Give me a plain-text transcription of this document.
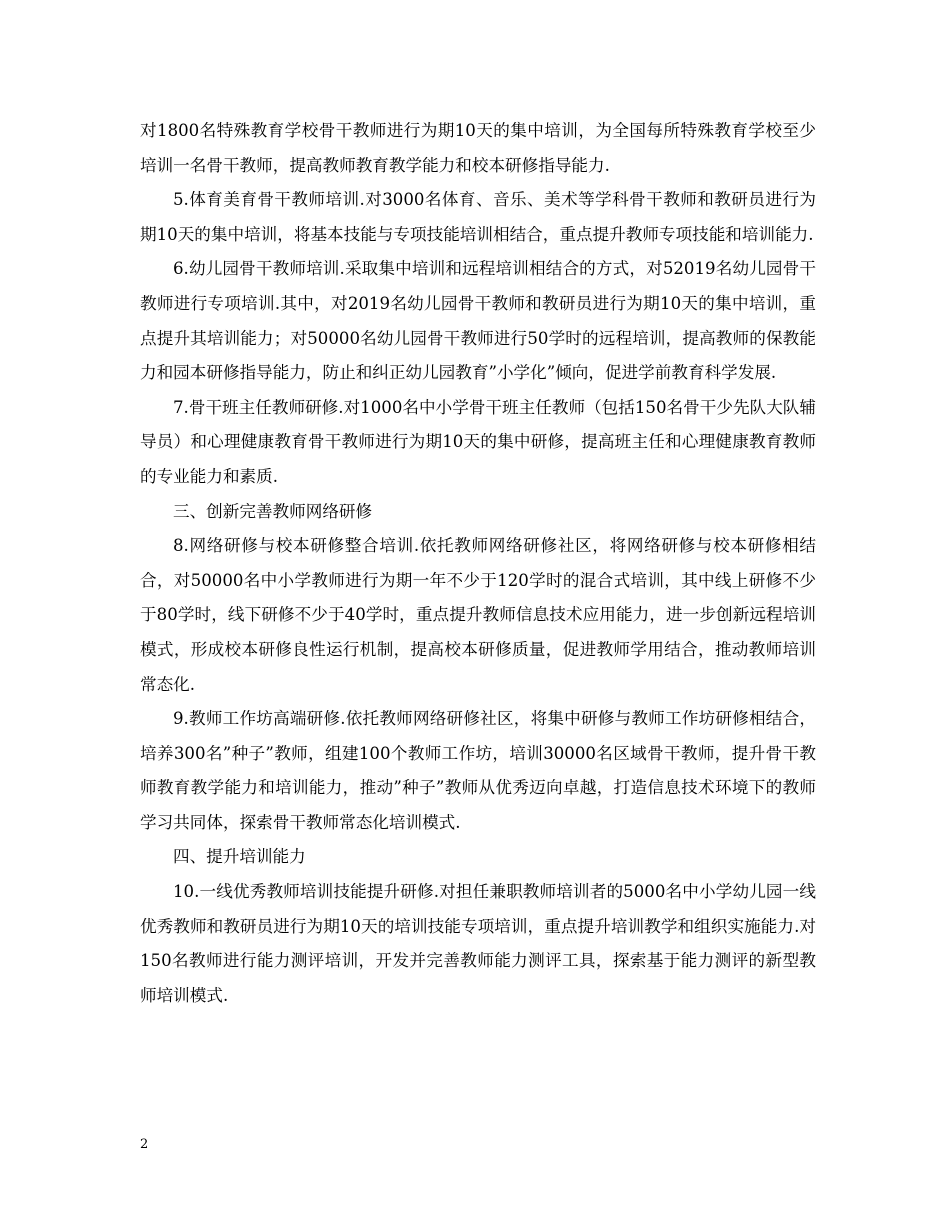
对1800名特殊教育学校骨干教师进行为期10天的集中培训，为全国每所特殊教育学校至少培训一名骨干教师，提高教师教育教学能力和校本研修指导能力.

5.体育美育骨干教师培训.对3000名体育、音乐、美术等学科骨干教师和教研员进行为期10天的集中培训，将基本技能与专项技能培训相结合，重点提升教师专项技能和培训能力.

6.幼儿园骨干教师培训.采取集中培训和远程培训相结合的方式，对52019名幼儿园骨干教师进行专项培训.其中，对2019名幼儿园骨干教师和教研员进行为期10天的集中培训，重点提升其培训能力；对50000名幼儿园骨干教师进行50学时的远程培训，提高教师的保教能力和园本研修指导能力，防止和纠正幼儿园教育”小学化”倾向，促进学前教育科学发展.

7.骨干班主任教师研修.对1000名中小学骨干班主任教师（包括150名骨干少先队大队辅导员）和心理健康教育骨干教师进行为期10天的集中研修，提高班主任和心理健康教育教师的专业能力和素质.

三、创新完善教师网络研修

8.网络研修与校本研修整合培训.依托教师网络研修社区，将网络研修与校本研修相结合，对50000名中小学教师进行为期一年不少于120学时的混合式培训，其中线上研修不少于80学时，线下研修不少于40学时，重点提升教师信息技术应用能力，进一步创新远程培训模式，形成校本研修良性运行机制，提高校本研修质量，促进教师学用结合，推动教师培训常态化.

9.教师工作坊高端研修.依托教师网络研修社区，将集中研修与教师工作坊研修相结合，培养300名”种子”教师，组建100个教师工作坊，培训30000名区域骨干教师，提升骨干教师教育教学能力和培训能力，推动”种子”教师从优秀迈向卓越，打造信息技术环境下的教师学习共同体，探索骨干教师常态化培训模式.

四、提升培训能力

10.一线优秀教师培训技能提升研修.对担任兼职教师培训者的5000名中小学幼儿园一线优秀教师和教研员进行为期10天的培训技能专项培训，重点提升培训教学和组织实施能力.对150名教师进行能力测评培训，开发并完善教师能力测评工具，探索基于能力测评的新型教师培训模式.

2
